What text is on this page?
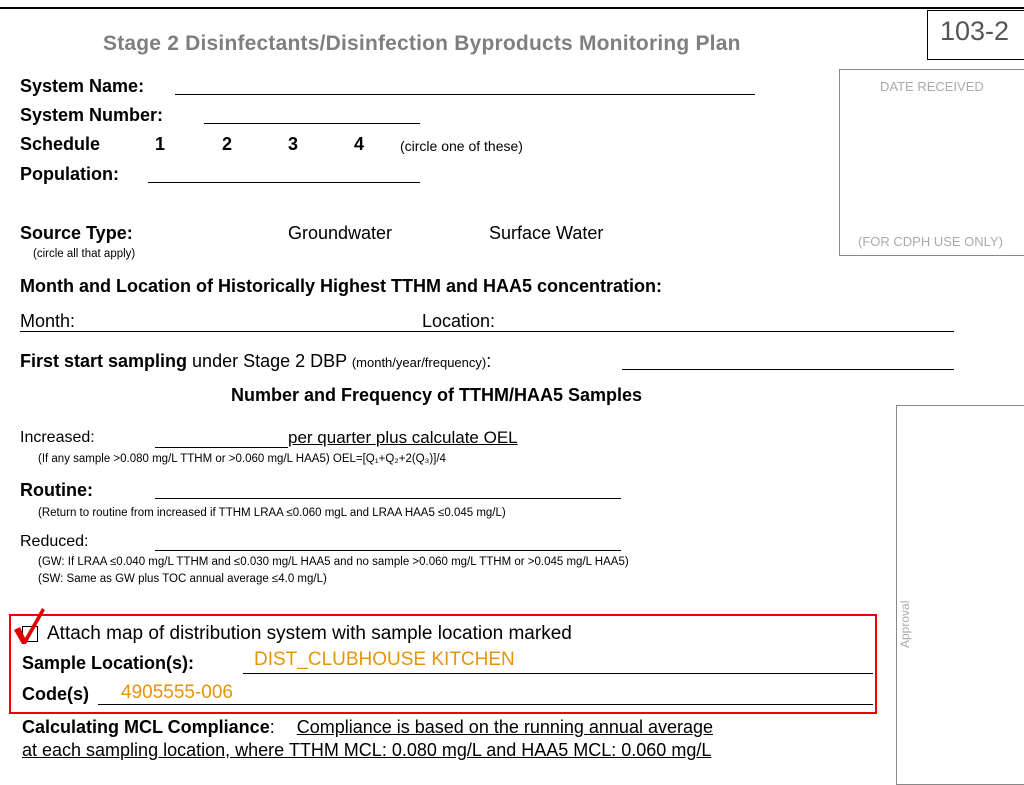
Stage 2 Disinfectants/Disinfection Byproducts Monitoring Plan	103-2
DATE RECEIVED
(FOR CDPH USE ONLY)
Approval
System Name:
System Number:
Schedule	1	2	3	4	(circle one of these)
Population:
Source Type:
(circle all that apply)
Groundwater	Surface Water
Month and Location of Historically Highest TTHM and HAA5 concentration:
Month:	Location:
First start sampling under Stage 2 DBP (month/year/frequency):
Number and Frequency of TTHM/HAA5 Samples
Increased:	per quarter plus calculate OEL
(If any sample >0.080 mg/L TTHM or >0.060 mg/L HAA5) OEL=[Q₁+Q₂+2(Q₃)]/4
Routine:
(Return to routine from increased if TTHM LRAA ≤0.060 mgL and LRAA HAA5 ≤0.045 mg/L)
Reduced:
(GW: If LRAA ≤0.040 mg/L TTHM and ≤0.030 mg/L HAA5 and no sample >0.060 mg/L TTHM or >0.045 mg/L HAA5)
(SW: Same as GW plus TOC annual average ≤4.0 mg/L)
Attach map of distribution system with sample location marked
Sample Location(s):	DIST_CLUBHOUSE KITCHEN
Code(s) 4905555-006
Calculating MCL Compliance: Compliance is based on the running annual average
at each sampling location, where TTHM MCL: 0.080 mg/L and HAA5 MCL: 0.060 mg/L
